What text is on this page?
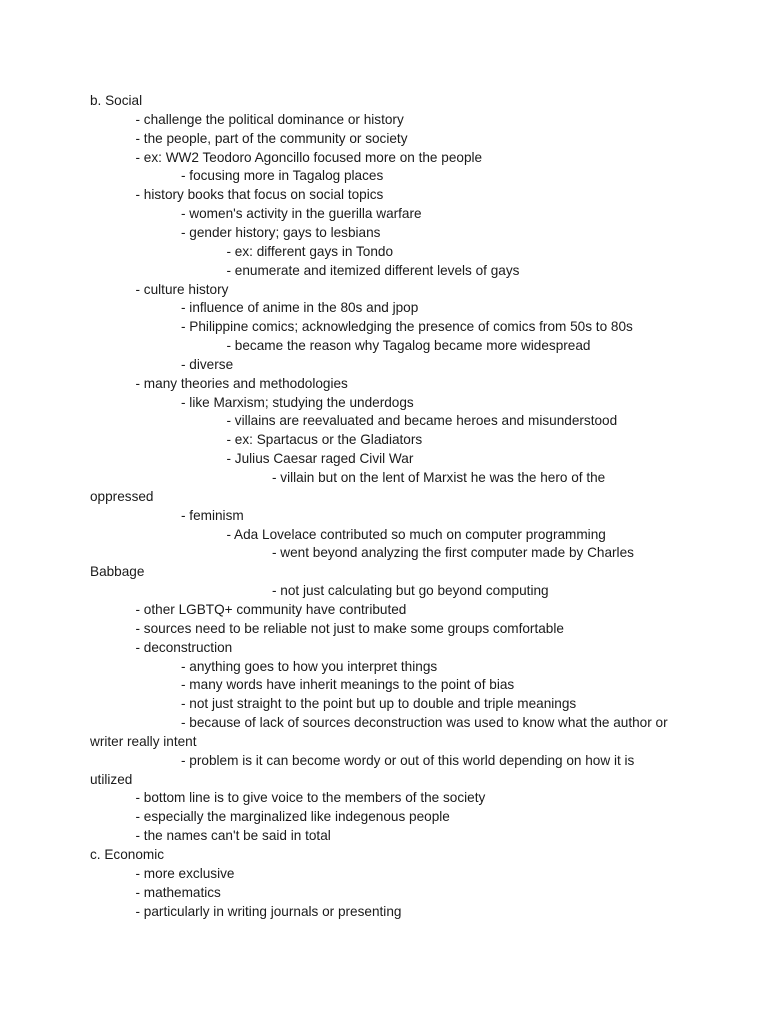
b. Social
- challenge the political dominance or history
- the people, part of the community or society
- ex: WW2 Teodoro Agoncillo focused more on the people
- focusing more in Tagalog places
- history books that focus on social topics
- women's activity in the guerilla warfare
- gender history; gays to lesbians
- ex: different gays in Tondo
- enumerate and itemized different levels of gays
- culture history
- influence of anime in the 80s and jpop
- Philippine comics; acknowledging the presence of comics from 50s to 80s
- became the reason why Tagalog became more widespread
- diverse
- many theories and methodologies
- like Marxism; studying the underdogs
- villains are reevaluated and became heroes and misunderstood
- ex: Spartacus or the Gladiators
- Julius Caesar raged Civil War
- villain but on the lent of Marxist he was the hero of the
oppressed
- feminism
- Ada Lovelace contributed so much on computer programming
- went beyond analyzing the first computer made by Charles
Babbage
- not just calculating but go beyond computing
- other LGBTQ+ community have contributed
- sources need to be reliable not just to make some groups comfortable
- deconstruction
- anything goes to how you interpret things
- many words have inherit meanings to the point of bias
- not just straight to the point but up to double and triple meanings
- because of lack of sources deconstruction was used to know what the author or
writer really intent
- problem is it can become wordy or out of this world depending on how it is
utilized
- bottom line is to give voice to the members of the society
- especially the marginalized like indegenous people
- the names can't be said in total
c. Economic
- more exclusive
- mathematics
- particularly in writing journals or presenting
